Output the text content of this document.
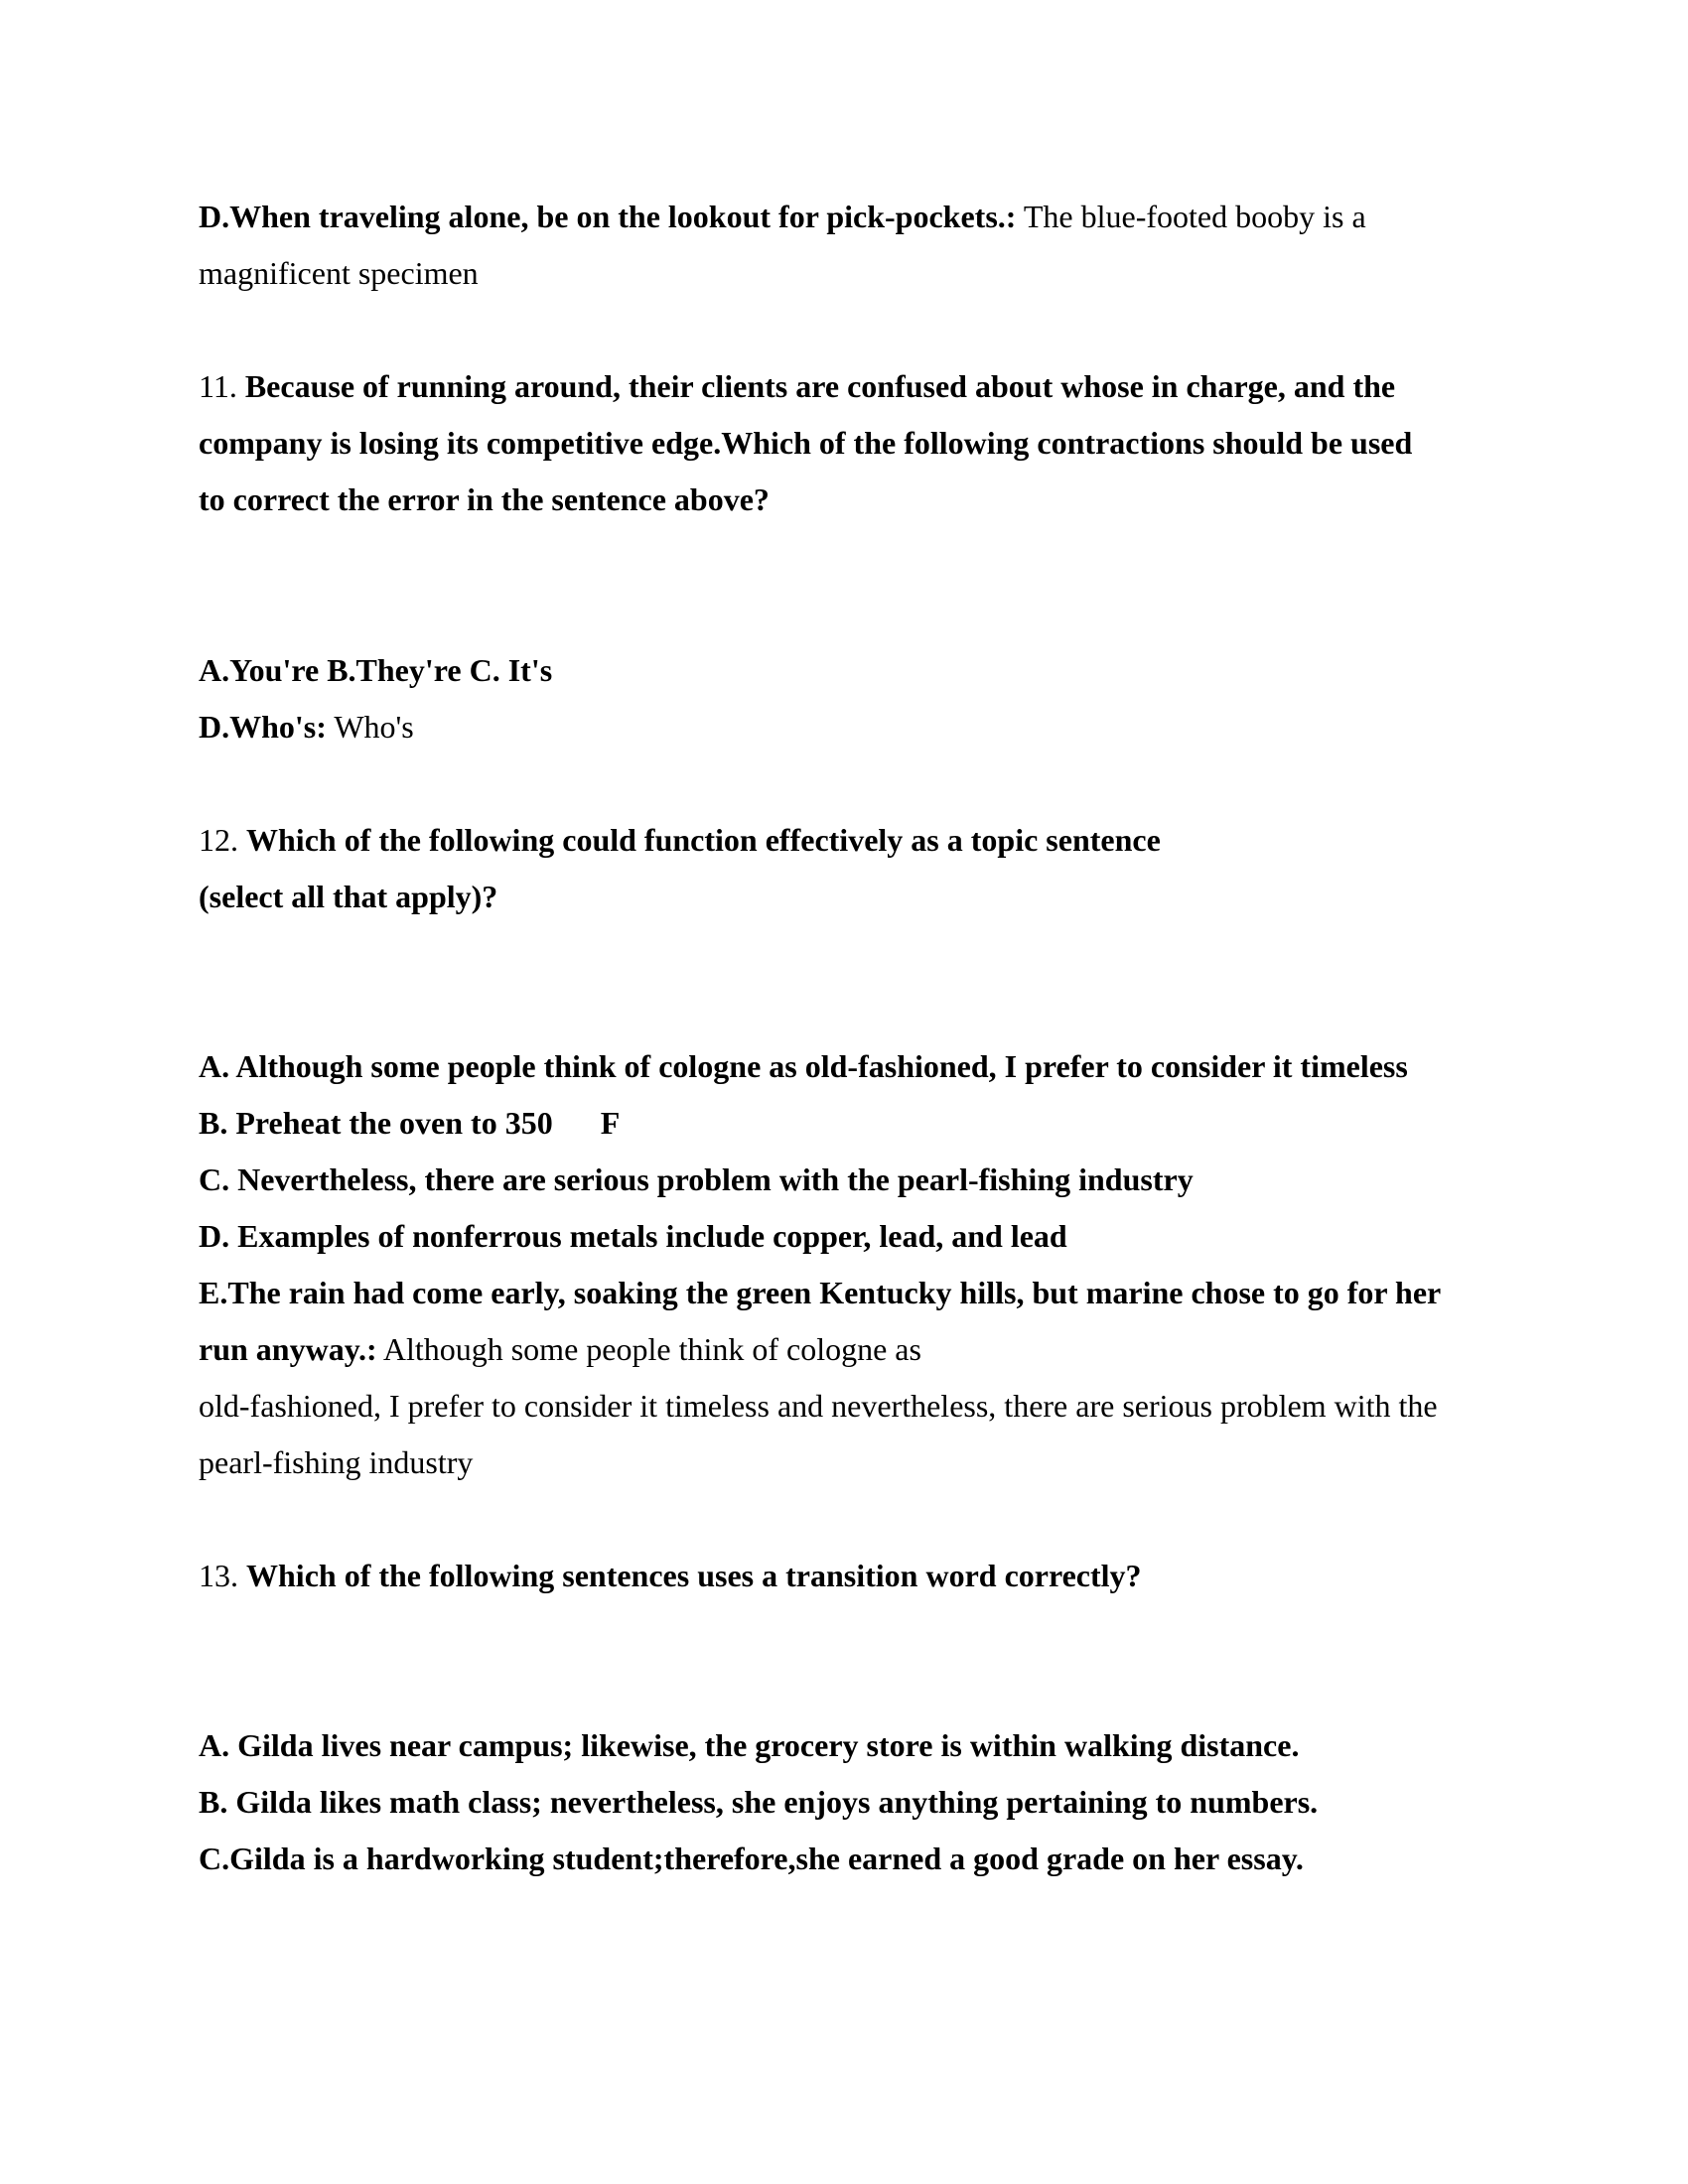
D.When traveling alone, be on the lookout for pick-pockets.: The blue-footed booby is a
magnificent specimen
11. Because of running around, their clients are confused about whose in charge, and the
company is losing its competitive edge.Which of the following contractions should be used
to correct the error in the sentence above?
A.You're B.They're C. It's
D.Who's: Who's
12. Which of the following could function effectively as a topic sentence
(select all that apply)?
A. Although some people think of cologne as old-fashioned, I prefer to consider it timeless
B. Preheat the oven to 350 F
C. Nevertheless, there are serious problem with the pearl-fishing industry
D. Examples of nonferrous metals include copper, lead, and lead
E.The rain had come early, soaking the green Kentucky hills, but marine chose to go for her
run anyway.: Although some people think of cologne as
old-fashioned, I prefer to consider it timeless and nevertheless, there are serious problem with the
pearl-fishing industry
13. Which of the following sentences uses a transition word correctly?
A. Gilda lives near campus; likewise, the grocery store is within walking distance.
B. Gilda likes math class; nevertheless, she enjoys anything pertaining to numbers.
C.Gilda is a hardworking student;therefore,she earned a good grade on her essay.
